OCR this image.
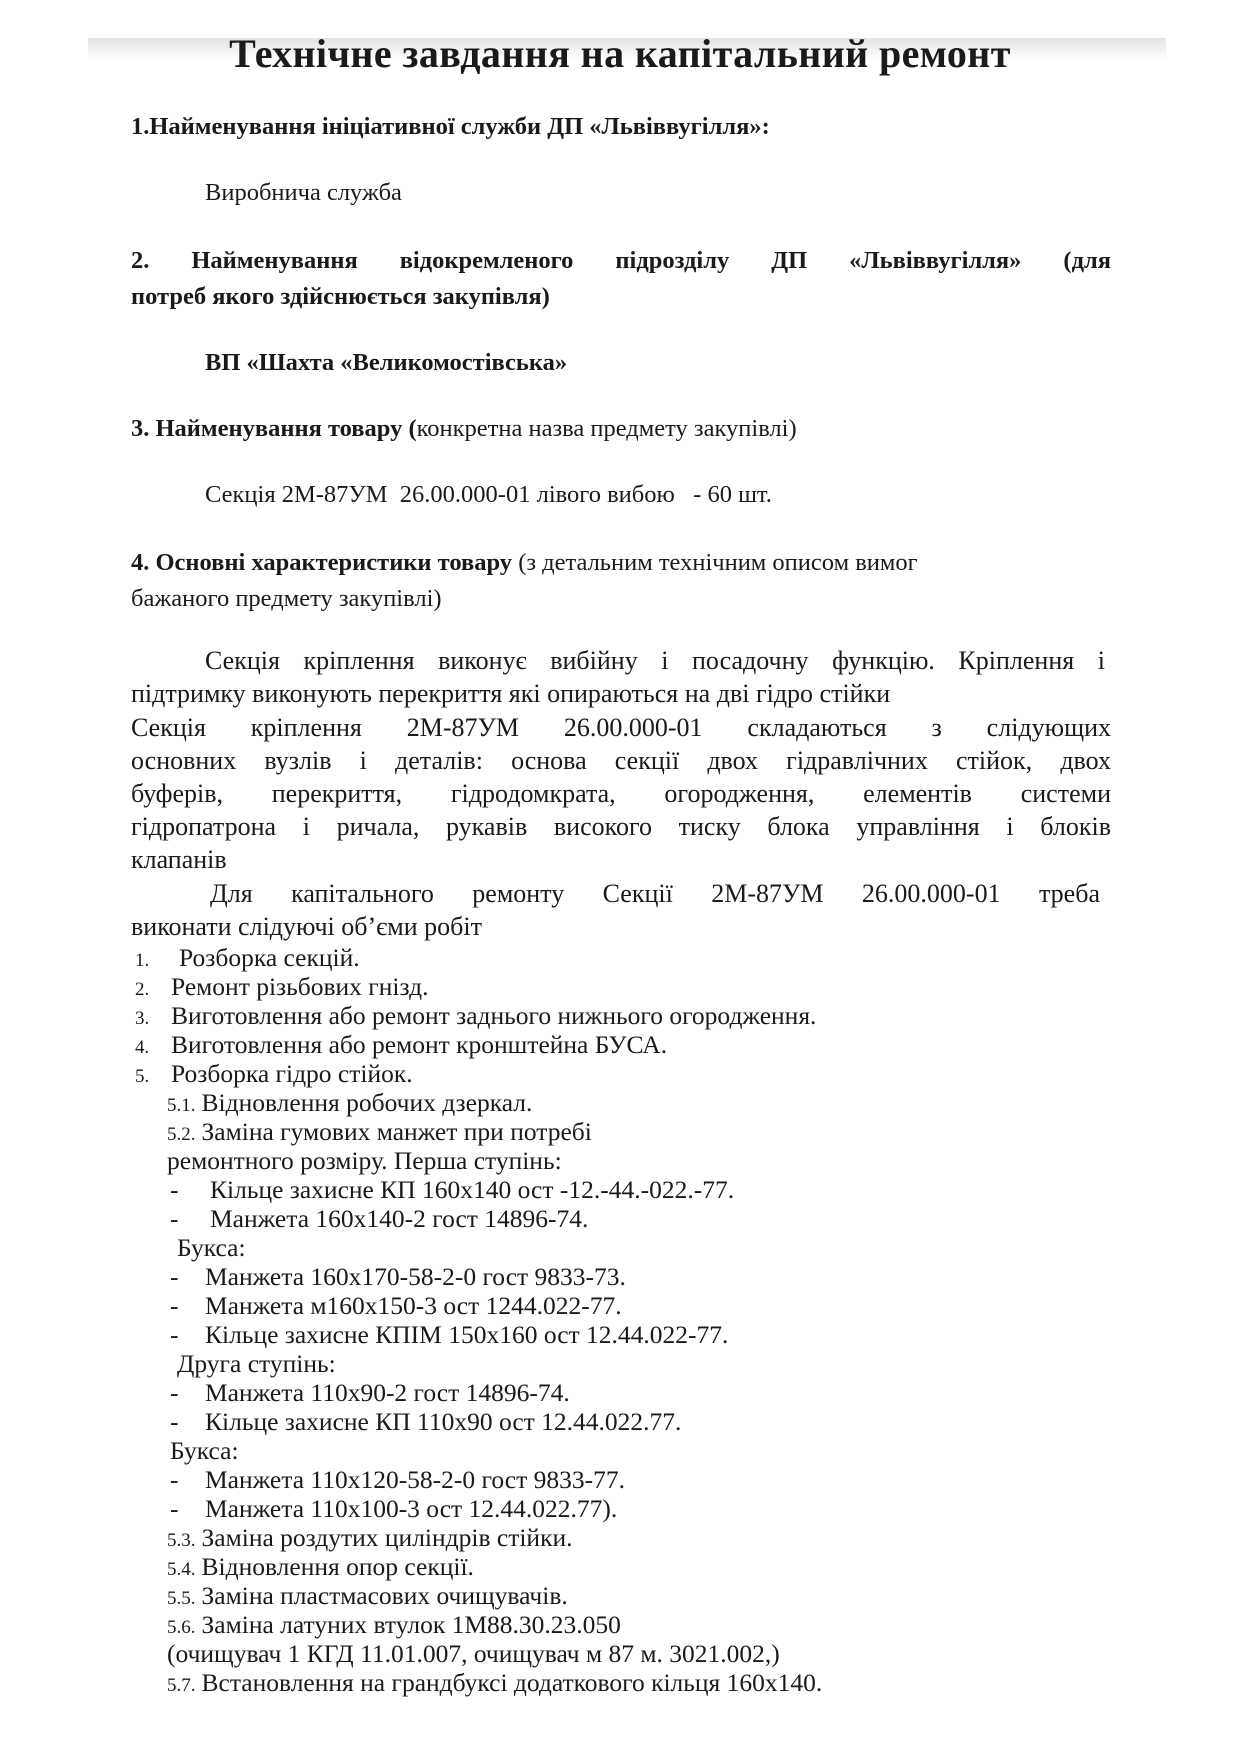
Технічне завдання на капітальний ремонт

1.Найменування ініціативної служби ДП «Львіввугілля»:

Виробнича служба

2. Найменування відокремленого підрозділу ДП «Львіввугілля» (для

потреб якого здійснюється закупівля)

ВП «Шахта «Великомостівська»

3. Найменування товару (конкретна назва предмету закупівлі)

Секція 2М-87УМ  26.00.000-01 лівого вибою   - 60 шт.

4. Основні характеристики товару (з детальним технічним описом вимог

бажаного предмету закупівлі)

Секція кріплення виконує вибійну і посадочну функцію. Кріплення і

підтримку виконують перекриття які опираються на дві гідро стійки

Секція кріплення 2М-87УМ 26.00.000-01 складаються з слідующих

основних вузлів і деталів: основа секції двох гідравлічних стійок, двох

буферів, перекриття, гідродомкрата, огородження, елементів системи

гідропатрона і ричала, рукавів високого тиску блока управління і блоків

клапанів

Для капітального ремонту Секції 2М-87УМ 26.00.000-01 треба

виконати слідуючі об’єми робіт

1. Розборка секцій.

2. Ремонт різьбових гнізд.

3. Виготовлення або ремонт заднього нижнього огородження.

4. Виготовлення або ремонт кронштейна БУСА.

5. Розборка гідро стійок.

5.1. Відновлення робочих дзеркал.

5.2. Заміна гумових манжет при потребі

ремонтного розміру. Перша ступінь:

- Кільце захисне КП 160х140 ост -12.-44.-022.-77.

- Манжета 160х140-2 гост 14896-74.

Букса:

- Манжета 160х170-58-2-0 гост 9833-73.

- Манжета м160х150-3 ост 1244.022-77.

- Кільце захисне КПІМ 150х160 ост 12.44.022-77.

Друга ступінь:

- Манжета 110х90-2 гост 14896-74.

- Кільце захисне КП 110х90 ост 12.44.022.77.

Букса:

- Манжета 110х120-58-2-0 гост 9833-77.

- Манжета 110х100-3 ост 12.44.022.77).

5.3. Заміна роздутих циліндрів стійки.

5.4. Відновлення опор секції.

5.5. Заміна пластмасових очищувачів.

5.6. Заміна латуних втулок 1М88.30.23.050

(очищувач 1 КГД 11.01.007, очищувач м 87 м. 3021.002,)

5.7. Встановлення на грандбуксі додаткового кільця 160х140.
